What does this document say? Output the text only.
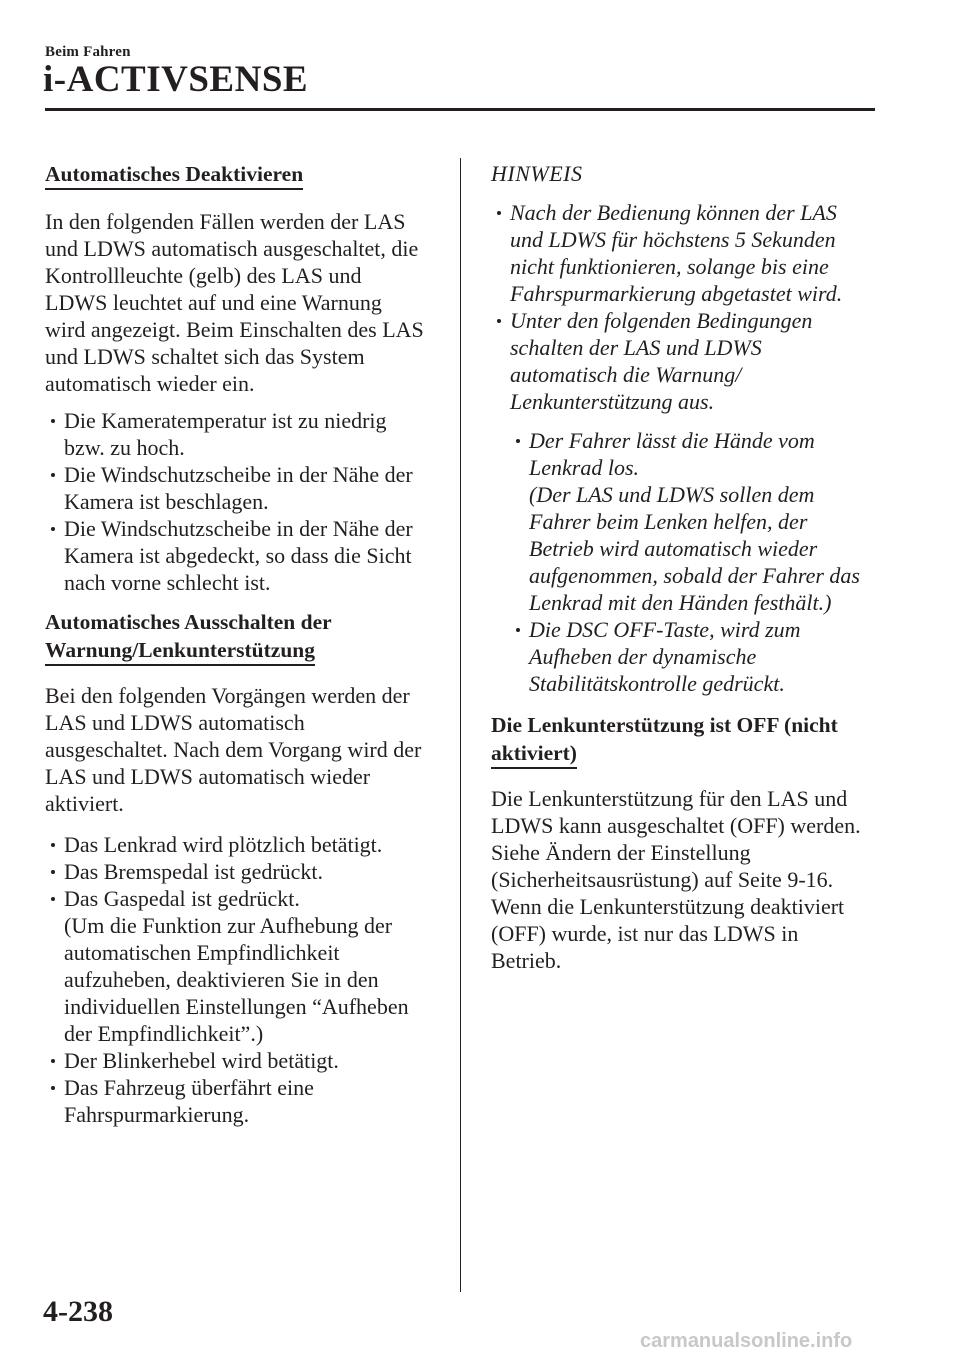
Beim Fahren
i-ACTIVSENSE
Automatisches Deaktivieren
In den folgenden Fällen werden der LAS
und LDWS automatisch ausgeschaltet, die
Kontrollleuchte (gelb) des LAS und
LDWS leuchtet auf und eine Warnung
wird angezeigt. Beim Einschalten des LAS
und LDWS schaltet sich das System
automatisch wieder ein.
Die Kameratemperatur ist zu niedrig
bzw. zu hoch.
Die Windschutzscheibe in der Nähe der
Kamera ist beschlagen.
Die Windschutzscheibe in der Nähe der
Kamera ist abgedeckt, so dass die Sicht
nach vorne schlecht ist.
Automatisches Ausschalten der
Warnung/Lenkunterstützung
Bei den folgenden Vorgängen werden der
LAS und LDWS automatisch
ausgeschaltet. Nach dem Vorgang wird der
LAS und LDWS automatisch wieder
aktiviert.
Das Lenkrad wird plötzlich betätigt.
Das Bremspedal ist gedrückt.
Das Gaspedal ist gedrückt.
(Um die Funktion zur Aufhebung der
automatischen Empfindlichkeit
aufzuheben, deaktivieren Sie in den
individuellen Einstellungen “Aufheben
der Empfindlichkeit”.)
Der Blinkerhebel wird betätigt.
Das Fahrzeug überfährt eine
Fahrspurmarkierung.
HINWEIS
Nach der Bedienung können der LAS
und LDWS für höchstens 5 Sekunden
nicht funktionieren, solange bis eine
Fahrspurmarkierung abgetastet wird.
Unter den folgenden Bedingungen
schalten der LAS und LDWS
automatisch die Warnung/
Lenkunterstützung aus.
Der Fahrer lässt die Hände vom
Lenkrad los.
(Der LAS und LDWS sollen dem
Fahrer beim Lenken helfen, der
Betrieb wird automatisch wieder
aufgenommen, sobald der Fahrer das
Lenkrad mit den Händen festhält.)
Die DSC OFF-Taste, wird zum
Aufheben der dynamische
Stabilitätskontrolle gedrückt.
Die Lenkunterstützung ist OFF (nicht
aktiviert)
Die Lenkunterstützung für den LAS und
LDWS kann ausgeschaltet (OFF) werden.
Siehe Ändern der Einstellung
(Sicherheitsausrüstung) auf Seite 9-16.
Wenn die Lenkunterstützung deaktiviert
(OFF) wurde, ist nur das LDWS in
Betrieb.
4-238
carmanualsonline.info
